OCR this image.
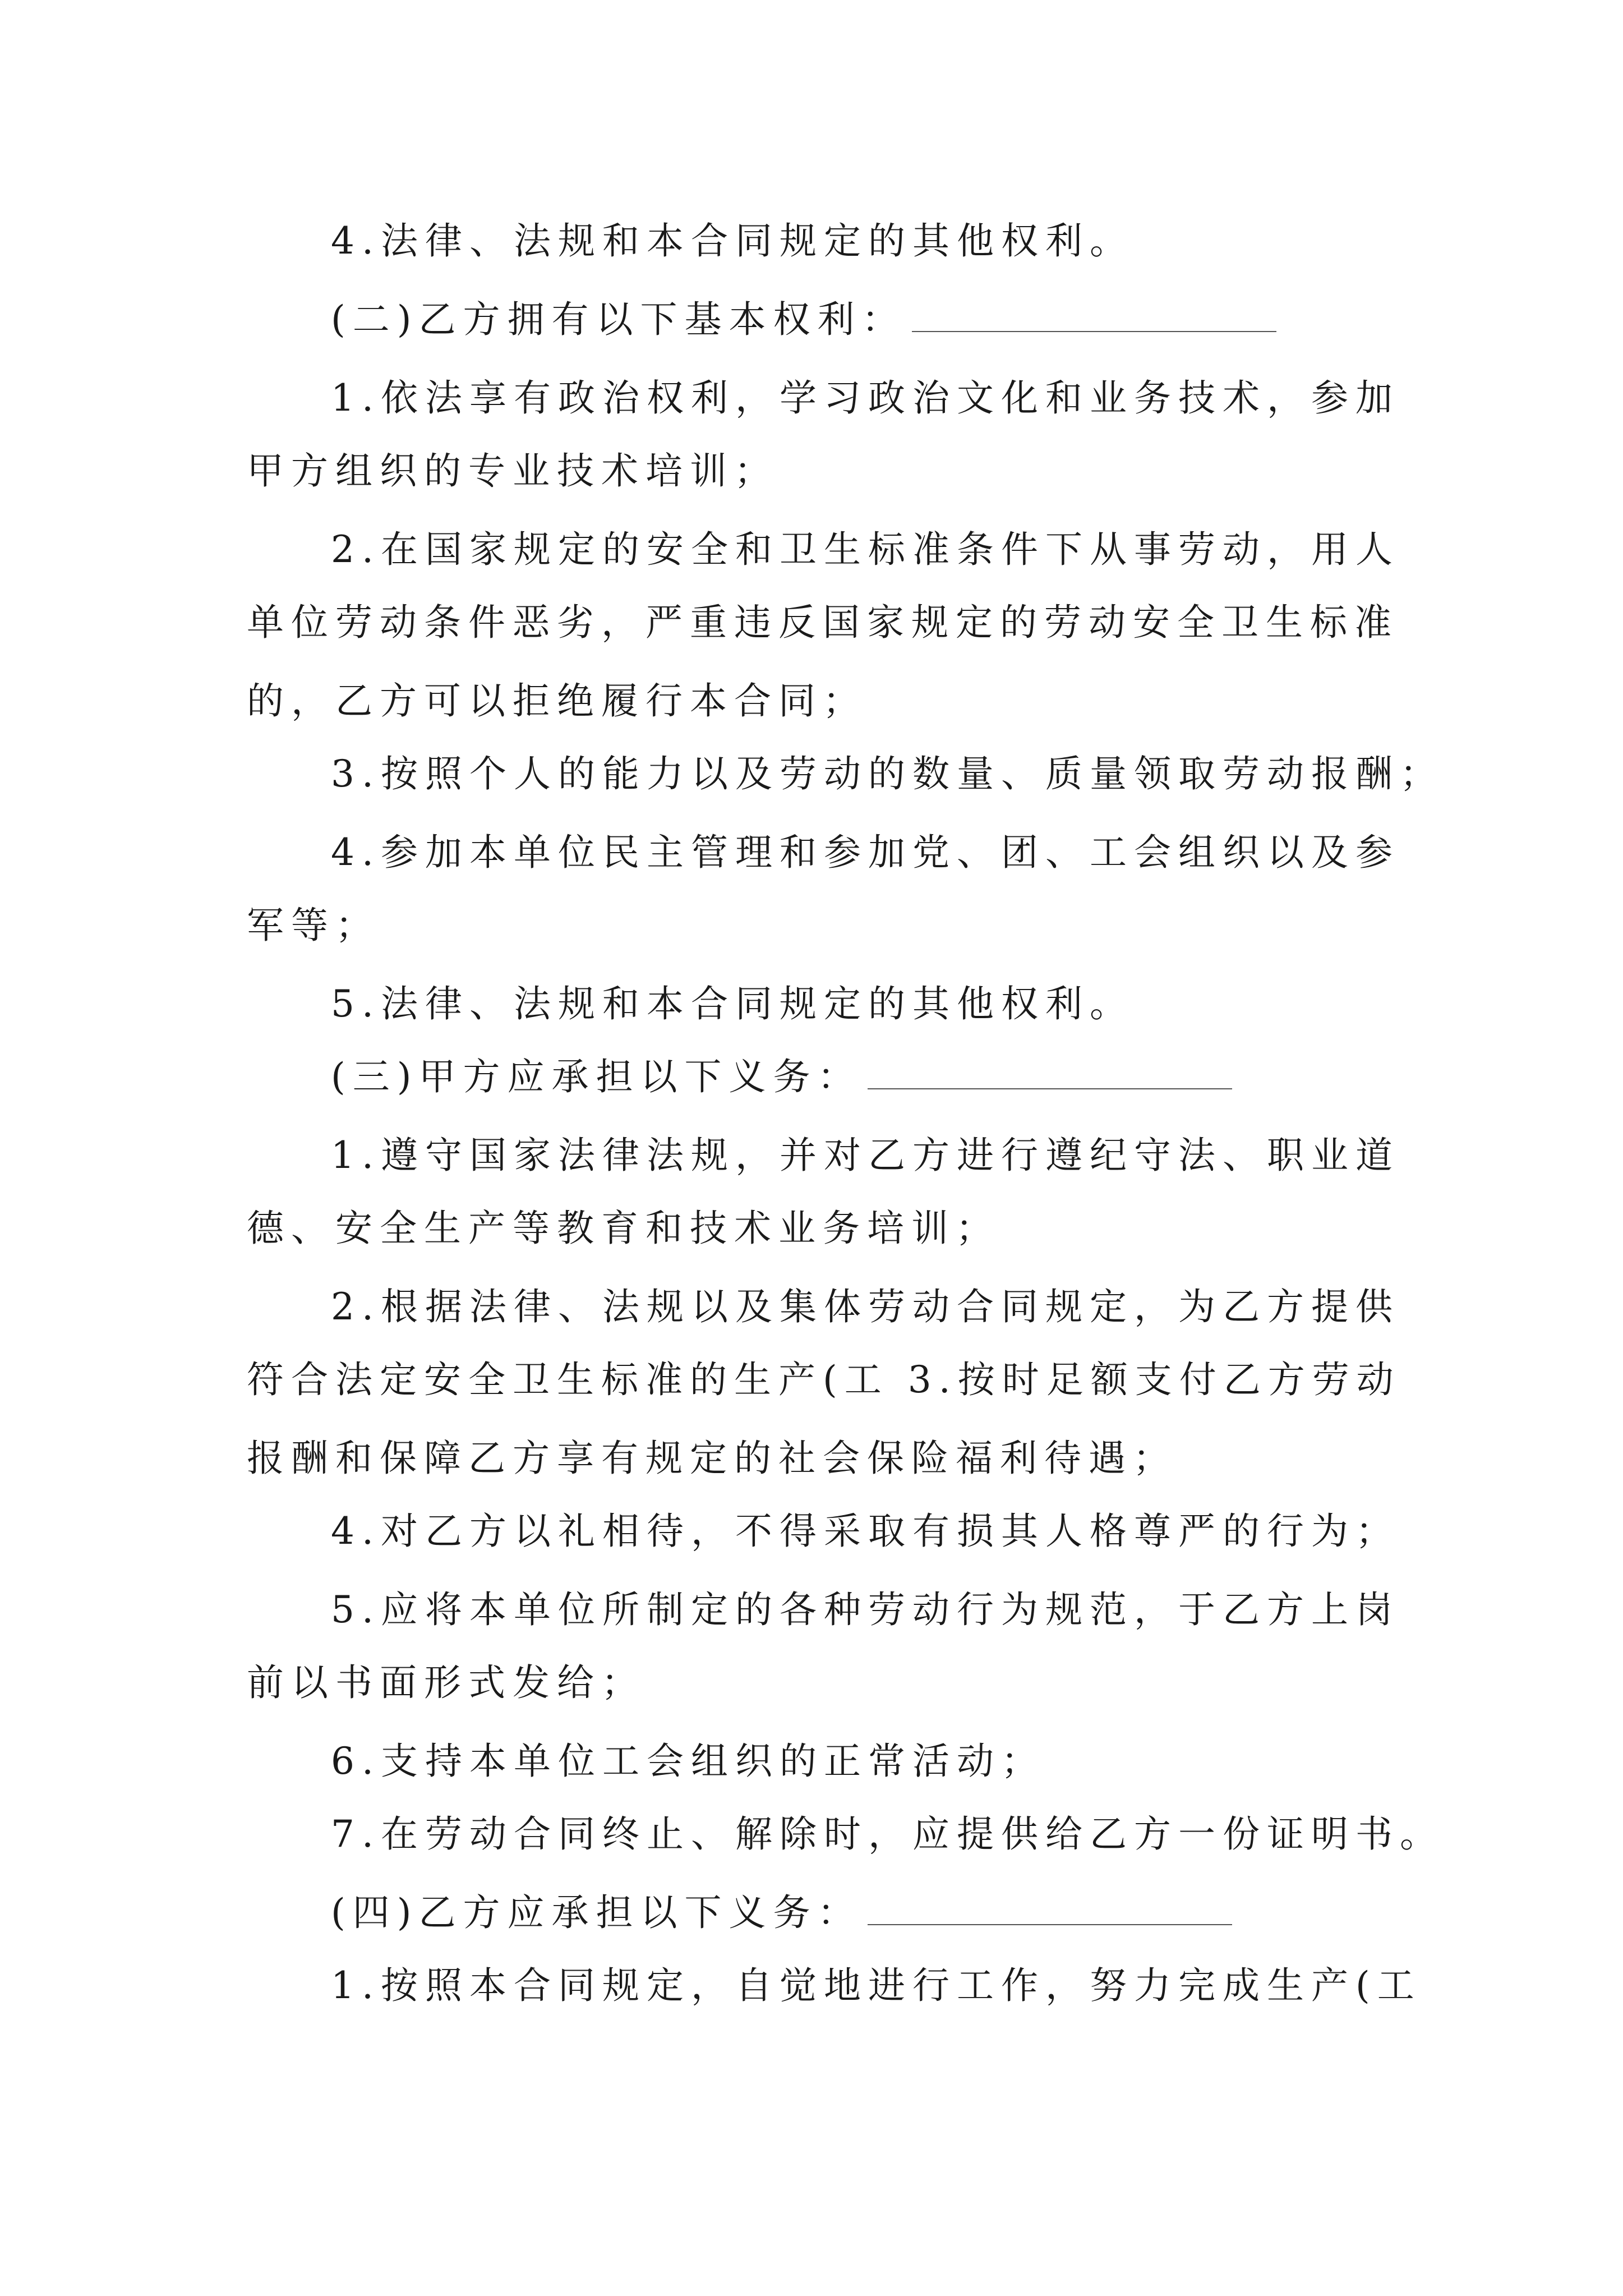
4.法律、法规和本合同规定的其他权利。
(二)乙方拥有以下基本权利：
1.依法享有政治权利，学习政治文化和业务技术，参加
甲方组织的专业技术培训；
2.在国家规定的安全和卫生标准条件下从事劳动，用人
单位劳动条件恶劣，严重违反国家规定的劳动安全卫生标准
的，乙方可以拒绝履行本合同；
3.按照个人的能力以及劳动的数量、质量领取劳动报酬；
4.参加本单位民主管理和参加党、团、工会组织以及参
军等；
5.法律、法规和本合同规定的其他权利。
(三)甲方应承担以下义务：
1.遵守国家法律法规，并对乙方进行遵纪守法、职业道
德、安全生产等教育和技术业务培训；
2.根据法律、法规以及集体劳动合同规定，为乙方提供
符合法定安全卫生标准的生产(工 3.按时足额支付乙方劳动
报酬和保障乙方享有规定的社会保险福利待遇；
4.对乙方以礼相待，不得采取有损其人格尊严的行为；
5.应将本单位所制定的各种劳动行为规范，于乙方上岗
前以书面形式发给；
6.支持本单位工会组织的正常活动；
7.在劳动合同终止、解除时，应提供给乙方一份证明书。
(四)乙方应承担以下义务：
1.按照本合同规定，自觉地进行工作，努力完成生产(工
